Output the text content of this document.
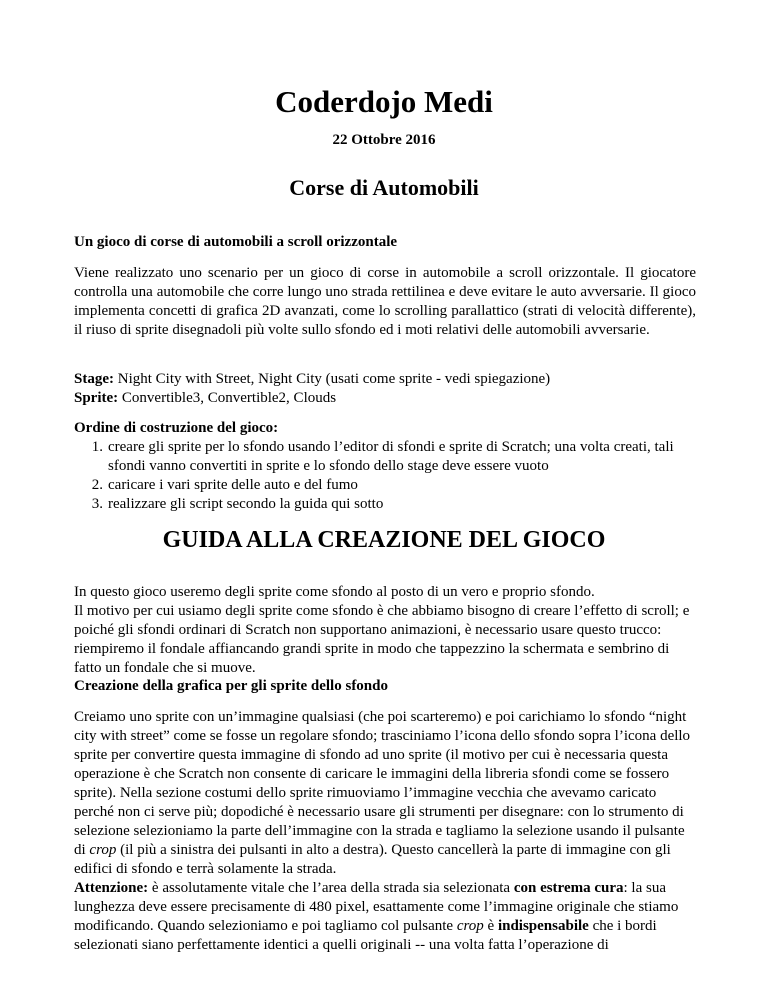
Coderdojo Medi

22 Ottobre 2016

Corse di Automobili

Un gioco di corse di automobili a scroll orizzontale

Viene realizzato uno scenario per un gioco di corse in automobile a scroll orizzontale. Il giocatore controlla una automobile che corre lungo uno strada rettilinea e deve evitare le auto avversarie. Il gioco implementa concetti di grafica 2D avanzati, come lo scrolling parallattico (strati di velocità differente), il riuso di sprite disegnadoli più volte sullo sfondo ed i moti relativi delle automobili avversarie.

Stage: Night City with Street, Night City (usati come sprite - vedi spiegazione)
Sprite: Convertible3, Convertible2, Clouds

Ordine di costruzione del gioco:

1. creare gli sprite per lo sfondo usando l’editor di sfondi e sprite di Scratch; una volta creati, tali sfondi vanno convertiti in sprite e lo sfondo dello stage deve essere vuoto
2. caricare i vari sprite delle auto e del fumo
3. realizzare gli script secondo la guida qui sotto
GUIDA ALLA CREAZIONE DEL GIOCO

In questo gioco useremo degli sprite come sfondo al posto di un vero e proprio sfondo.

Il motivo per cui usiamo degli sprite come sfondo è che abbiamo bisogno di creare l’effetto di scroll; e poiché gli sfondi ordinari di Scratch non supportano animazioni, è necessario usare questo trucco: riempiremo il fondale affiancando grandi sprite in modo che tappezzino la schermata e sembrino di fatto un fondale che si muove.

Creazione della grafica per gli sprite dello sfondo

Creiamo uno sprite con un’immagine qualsiasi (che poi scarteremo) e poi carichiamo lo sfondo “night city with street” come se fosse un regolare sfondo; trasciniamo l’icona dello sfondo sopra l’icona dello sprite per convertire questa immagine di sfondo ad uno sprite (il motivo per cui è necessaria questa operazione è che Scratch non consente di caricare le immagini della libreria sfondi come se fossero sprite). Nella sezione costumi dello sprite rimuoviamo l’immagine vecchia che avevamo caricato perché non ci serve più; dopodiché è necessario usare gli strumenti per disegnare: con lo strumento di selezione selezioniamo la parte dell’immagine con la strada e tagliamo la selezione usando il pulsante di crop (il più a sinistra dei pulsanti in alto a destra). Questo cancellerà la parte di immagine con gli edifici di sfondo e terrà solamente la strada.
Attenzione: è assolutamente vitale che l’area della strada sia selezionata con estrema cura: la sua lunghezza deve essere precisamente di 480 pixel, esattamente come l’immagine originale che stiamo modificando. Quando selezioniamo e poi tagliamo col pulsante crop è indispensabile che i bordi selezionati siano perfettamente identici a quelli originali -- una volta fatta l’operazione di
